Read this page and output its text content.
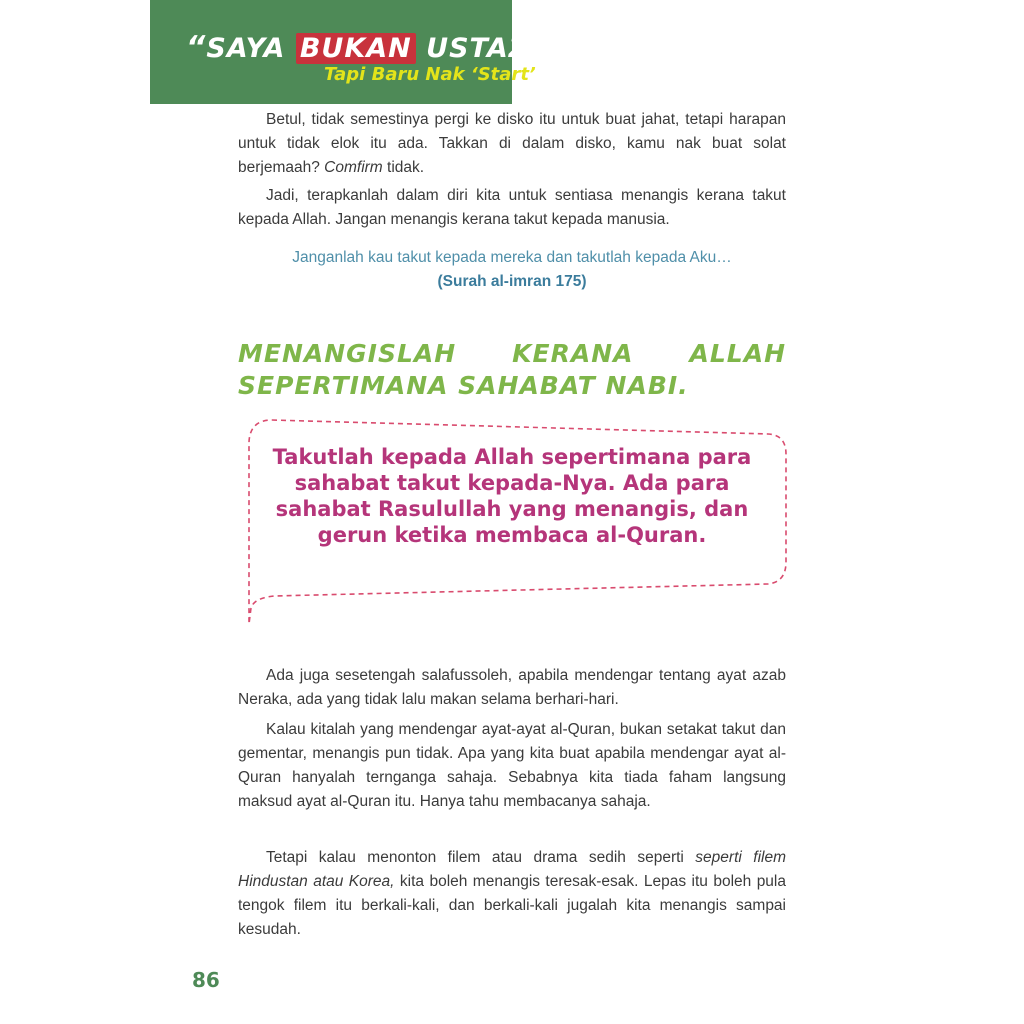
“SAYA BUKAN USTAZ”
Tapi Baru Nak ‘Start’

Betul, tidak semestinya pergi ke disko itu untuk buat jahat, tetapi harapan untuk tidak elok itu ada. Takkan di dalam disko, kamu nak buat solat berjemaah? Comfirm tidak.

Jadi, terapkanlah dalam diri kita untuk sentiasa menangis kerana takut kepada Allah. Jangan menangis kerana takut kepada manusia.

Janganlah kau takut kepada mereka dan takutlah kepada Aku…
(Surah al-imran 175)
MENANGISLAH KERANA ALLAH SEPERTIMANA SAHABAT NABI.
Takutlah kepada Allah sepertimana para sahabat takut kepada-Nya. Ada para sahabat Rasulullah yang menangis, dan gerun ketika membaca al-Quran.

Ada juga sesetengah salafussoleh, apabila mendengar tentang ayat azab Neraka, ada yang tidak lalu makan selama berhari-hari.

Kalau kitalah yang mendengar ayat-ayat al-Quran, bukan setakat takut dan gementar, menangis pun tidak. Apa yang kita buat apabila mendengar ayat al-Quran hanyalah ternganga sahaja. Sebabnya kita tiada faham langsung maksud ayat al-Quran itu. Hanya tahu membacanya sahaja.

Tetapi kalau menonton filem atau drama sedih seperti seperti filem Hindustan atau Korea, kita boleh menangis teresak-esak. Lepas itu boleh pula tengok filem itu berkali-kali, dan berkali-kali jugalah kita menangis sampai kesudah.

86
